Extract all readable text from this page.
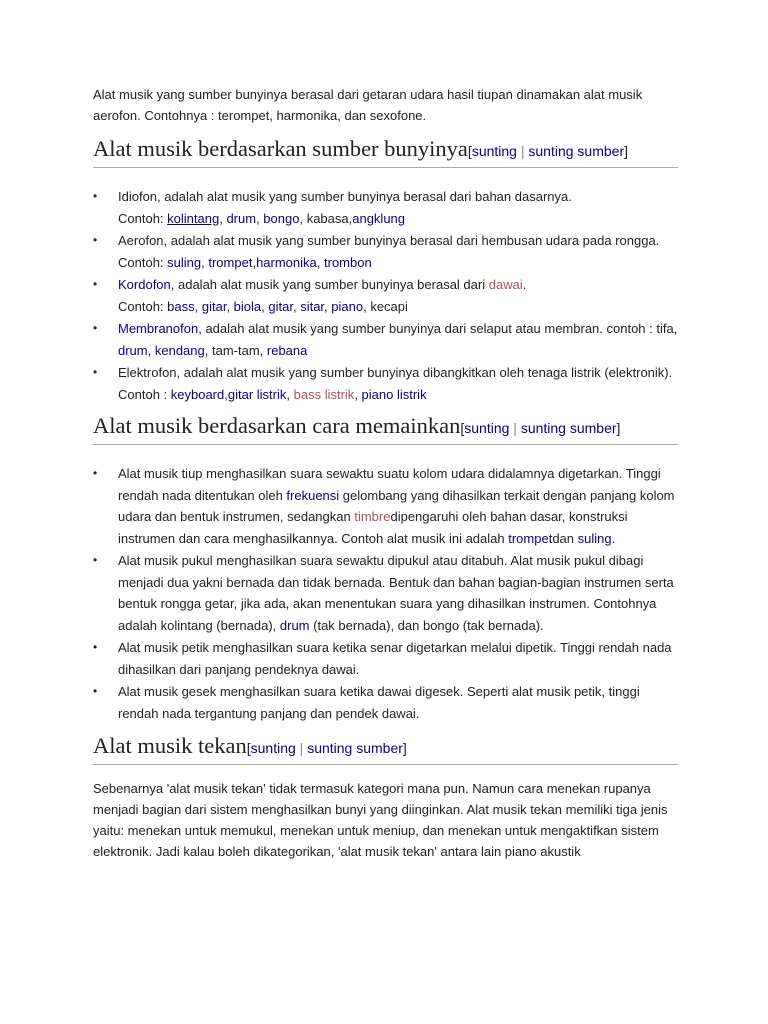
Alat musik yang sumber bunyinya berasal dari getaran udara hasil tiupan dinamakan alat musik aerofon. Contohnya : terompet, harmonika, dan sexofone.

Alat musik berdasarkan sumber bunyinya[sunting | sunting sumber]
• Idiofon, adalah alat musik yang sumber bunyinya berasal dari bahan dasarnya.
Contoh: kolintang, drum, bongo, kabasa,angklung
• Aerofon, adalah alat musik yang sumber bunyinya berasal dari hembusan udara pada rongga. Contoh: suling, trompet,harmonika, trombon
• Kordofon, adalah alat musik yang sumber bunyinya berasal dari dawai.
Contoh: bass, gitar, biola, gitar, sitar, piano, kecapi
• Membranofon, adalah alat musik yang sumber bunyinya dari selaput atau membran. contoh : tifa, drum, kendang, tam-tam, rebana
• Elektrofon, adalah alat musik yang sumber bunyinya dibangkitkan oleh tenaga listrik (elektronik). Contoh : keyboard,gitar listrik, bass listrik, piano listrik
Alat musik berdasarkan cara memainkan[sunting | sunting sumber]
• Alat musik tiup menghasilkan suara sewaktu suatu kolom udara didalamnya digetarkan. Tinggi rendah nada ditentukan oleh frekuensi gelombang yang dihasilkan terkait dengan panjang kolom udara dan bentuk instrumen, sedangkan timbredipengaruhi oleh bahan dasar, konstruksi instrumen dan cara menghasilkannya. Contoh alat musik ini adalah trompetdan suling.
• Alat musik pukul menghasilkan suara sewaktu dipukul atau ditabuh. Alat musik pukul dibagi menjadi dua yakni bernada dan tidak bernada. Bentuk dan bahan bagian-bagian instrumen serta bentuk rongga getar, jika ada, akan menentukan suara yang dihasilkan instrumen. Contohnya adalah kolintang (bernada), drum (tak bernada), dan bongo (tak bernada).
• Alat musik petik menghasilkan suara ketika senar digetarkan melalui dipetik. Tinggi rendah nada dihasilkan dari panjang pendeknya dawai.
• Alat musik gesek menghasilkan suara ketika dawai digesek. Seperti alat musik petik, tinggi rendah nada tergantung panjang dan pendek dawai.
Alat musik tekan[sunting | sunting sumber]

Sebenarnya 'alat musik tekan' tidak termasuk kategori mana pun. Namun cara menekan rupanya menjadi bagian dari sistem menghasilkan bunyi yang diinginkan. Alat musik tekan memiliki tiga jenis yaitu: menekan untuk memukul, menekan untuk meniup, dan menekan untuk mengaktifkan sistem elektronik. Jadi kalau boleh dikategorikan, 'alat musik tekan' antara lain piano akustik
